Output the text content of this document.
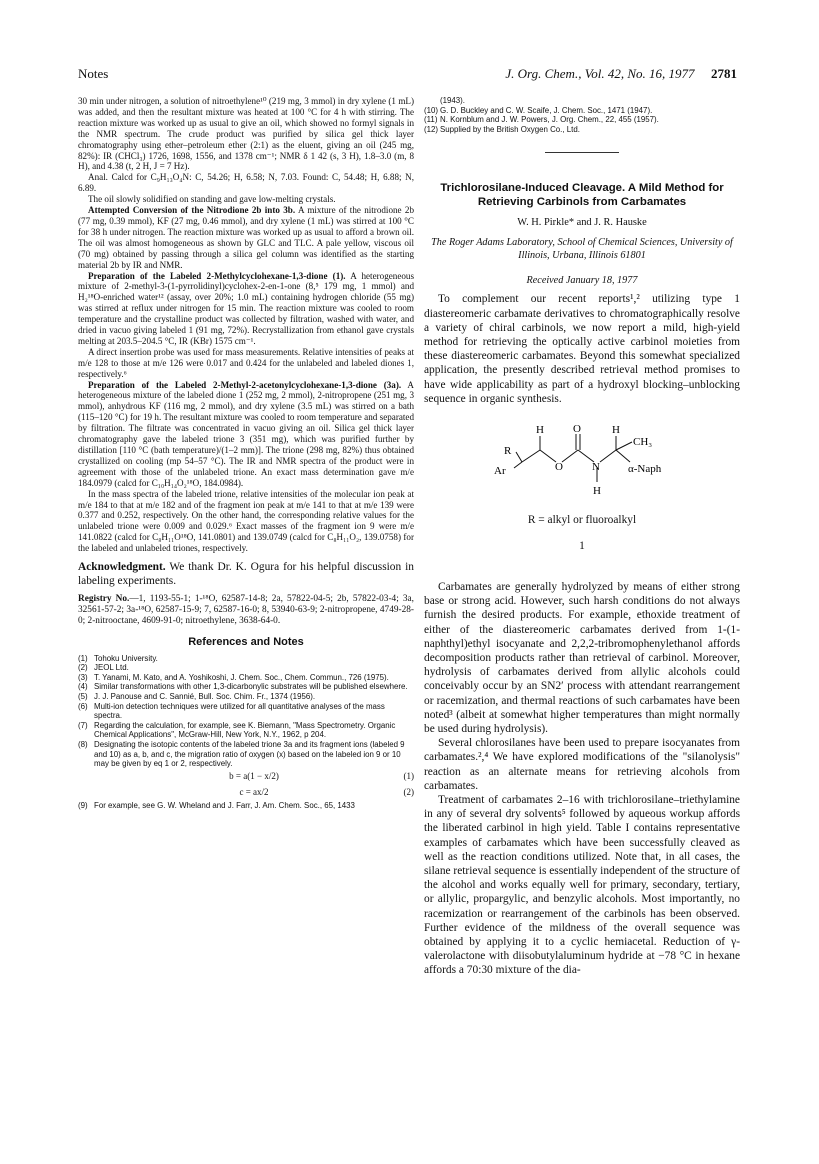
Notes	J. Org. Chem., Vol. 42, No. 16, 1977 2781

30 min under nitrogen, a solution of nitroethylene¹⁰ (219 mg, 3 mmol) in dry xylene (1 mL) was added, and then the resultant mixture was heated at 100 °C for 4 h with stirring. The reaction mixture was worked up as usual to give an oil, which showed no formyl signals in the NMR spectrum. The crude product was purified by silica gel thick layer chromatography using ether–petroleum ether (2:1) as the eluent, giving an oil (245 mg, 82%): IR (CHCl₃) 1726, 1698, 1556, and 1378 cm⁻¹; NMR δ 1 42 (s, 3 H), 1.8–3.0 (m, 8 H), and 4.38 (t, 2 H, J = 7 Hz).

Anal. Calcd for C₉H₁₃O₄N: C, 54.26; H, 6.58; N, 7.03. Found: C, 54.48; H, 6.88; N, 6.89.

The oil slowly solidified on standing and gave low-melting crystals.

Attempted Conversion of the Nitrodione 2b into 3b. A mixture of the nitrodione 2b (77 mg, 0.39 mmol), KF (27 mg, 0.46 mmol), and dry xylene (1 mL) was stirred at 100 °C for 38 h under nitrogen. The reaction mixture was worked up as usual to afford a brown oil. The oil was almost homogeneous as shown by GLC and TLC. A pale yellow, viscous oil (70 mg) obtained by passing through a silica gel column was identified as the starting material 2b by IR and NMR.

Preparation of the Labeled 2-Methylcyclohexane-1,3-dione (1). A heterogeneous mixture of 2-methyl-3-(1-pyrrolidinyl)cyclohex-2-en-1-one (8,⁵ 179 mg, 1 mmol) and H₂¹⁸O-enriched water¹² (assay, over 20%; 1.0 mL) containing hydrogen chloride (55 mg) was stirred at reflux under nitrogen for 15 min. The reaction mixture was cooled to room temperature and the crystalline product was collected by filtration, washed with water, and dried in vacuo giving labeled 1 (91 mg, 72%). Recrystallization from ethanol gave crystals melting at 203.5–204.5 °C, IR (KBr) 1575 cm⁻¹.

A direct insertion probe was used for mass measurements. Relative intensities of peaks at m/e 128 to those at m/e 126 were 0.017 and 0.424 for the unlabeled and labeled diones 1, respectively.⁶

Preparation of the Labeled 2-Methyl-2-acetonylcyclohexane-1,3-dione (3a). A heterogeneous mixture of the labeled dione 1 (252 mg, 2 mmol), 2-nitropropene (251 mg, 3 mmol), anhydrous KF (116 mg, 2 mmol), and dry xylene (3.5 mL) was stirred on a bath (115–120 °C) for 19 h. The resultant mixture was cooled to room temperature and separated by filtration. The filtrate was concentrated in vacuo giving an oil. Silica gel thick layer chromatography gave the labeled trione 3 (351 mg), which was purified further by distillation [110 °C (bath temperature)/(1–2 mm)]. The trione (298 mg, 82%) thus obtained crystallized on cooling (mp 54–57 °C). The IR and NMR spectra of the product were in agreement with those of the unlabeled trione. An exact mass determination gave m/e 184.0979 (calcd for C₁₀H₁₄O₂¹⁸O, 184.0984).

In the mass spectra of the labeled trione, relative intensities of the molecular ion peak at m/e 184 to that at m/e 182 and of the fragment ion peak at m/e 141 to that at m/e 139 were 0.377 and 0.252, respectively. On the other hand, the corresponding relative values for the unlabeled trione were 0.009 and 0.029.⁶ Exact masses of the fragment ion 9 were m/e 141.0822 (calcd for C₈H₁₁O¹⁸O, 141.0801) and 139.0749 (calcd for C₈H₁₁O₂, 139.0758) for the labeled and unlabeled triones, respectively.

Acknowledgment. We thank Dr. K. Ogura for his helpful discussion in labeling experiments.
Registry No.—1, 1193-55-1; 1-¹⁸O, 62587-14-8; 2a, 57822-04-5; 2b, 57822-03-4; 3a, 32561-57-2; 3a-¹⁸O, 62587-15-9; 7, 62587-16-0; 8, 53940-63-9; 2-nitropropene, 4749-28-0; 2-nitrooctane, 4609-91-0; nitroethylene, 3638-64-0.
References and Notes
(1) Tohoku University.
(2) JEOL Ltd.
(3) T. Yanami, M. Kato, and A. Yoshikoshi, J. Chem. Soc., Chem. Commun., 726 (1975).
(4) Similar transformations with other 1,3-dicarbonylic substrates will be published elsewhere.
(5) J. J. Panouse and C. Sannié, Bull. Soc. Chim. Fr., 1374 (1956).
(6) Multi-ion detection techniques were utilized for all quantitative analyses of the mass spectra.
(7) Regarding the calculation, for example, see K. Biemann, "Mass Spectrometry. Organic Chemical Applications", McGraw-Hill, New York, N.Y., 1962, p 204.
(8) Designating the isotopic contents of the labeled trione 3a and its fragment ions (labeled 9 and 10) as a, b, and c, the migration ratio of oxygen (x) based on the labeled ion 9 or 10 may be given by eq 1 or 2, respectively.
b = a(1 − x/2)	(1)
c = ax/2	(2)
(9) For example, see G. W. Wheland and J. Farr, J. Am. Chem. Soc., 65, 1433
(1943).
(10) G. D. Buckley and C. W. Scaife, J. Chem. Soc., 1471 (1947).
(11) N. Kornblum and J. W. Powers, J. Org. Chem., 22, 455 (1957).
(12) Supplied by the British Oxygen Co., Ltd.
Trichlorosilane-Induced Cleavage. A Mild Method for Retrieving Carbinols from Carbamates
W. H. Pirkle* and J. R. Hauske
The Roger Adams Laboratory, School of Chemical Sciences, University of Illinois, Urbana, Illinois 61801
Received January 18, 1977

To complement our recent reports¹,² utilizing type 1 diastereomeric carbamate derivatives to chromatographically resolve a variety of chiral carbinols, we now report a mild, high-yield method for retrieving the optically active carbinol moieties from these diastereomeric carbamates. Beyond this somewhat specialized application, the presently described retrieval method promises to have wide applicability as part of a hydroxyl blocking–unblocking sequence in organic synthesis.

R
H	O	H
CH₃
Ar	O	N	α-Naph
H
R = alkyl or fluoroalkyl
1

Carbamates are generally hydrolyzed by means of either strong base or strong acid. However, such harsh conditions do not always furnish the desired products. For example, ethoxide treatment of either of the diastereomeric carbamates derived from 1-(1-naphthyl)ethyl isocyanate and 2,2,2-tribromophenylethanol affords decomposition products rather than retrieval of carbinol. Moreover, hydrolysis of carbamates derived from allylic alcohols could conceivably occur by an SN2′ process with attendant rearrangement or racemization, and thermal reactions of such carbamates have been noted³ (albeit at somewhat higher temperatures than might normally be used during hydrolysis).

Several chlorosilanes have been used to prepare isocyanates from carbamates.²,⁴ We have explored modifications of the "silanolysis" reaction as an alternate means for retrieving alcohols from carbamates.

Treatment of carbamates 2–16 with trichlorosilane–triethylamine in any of several dry solvents⁵ followed by aqueous workup affords the liberated carbinol in high yield. Table I contains representative examples of carbamates which have been successfully cleaved as well as the reaction conditions utilized. Note that, in all cases, the silane retrieval sequence is essentially independent of the structure of the alcohol and works equally well for primary, secondary, tertiary, or allylic, propargylic, and benzylic alcohols. Most importantly, no racemization or rearrangement of the carbinols has been observed. Further evidence of the mildness of the overall sequence was obtained by applying it to a cyclic hemiacetal. Reduction of γ-valerolactone with diisobutylaluminum hydride at −78 °C in hexane affords a 70:30 mixture of the dia-
